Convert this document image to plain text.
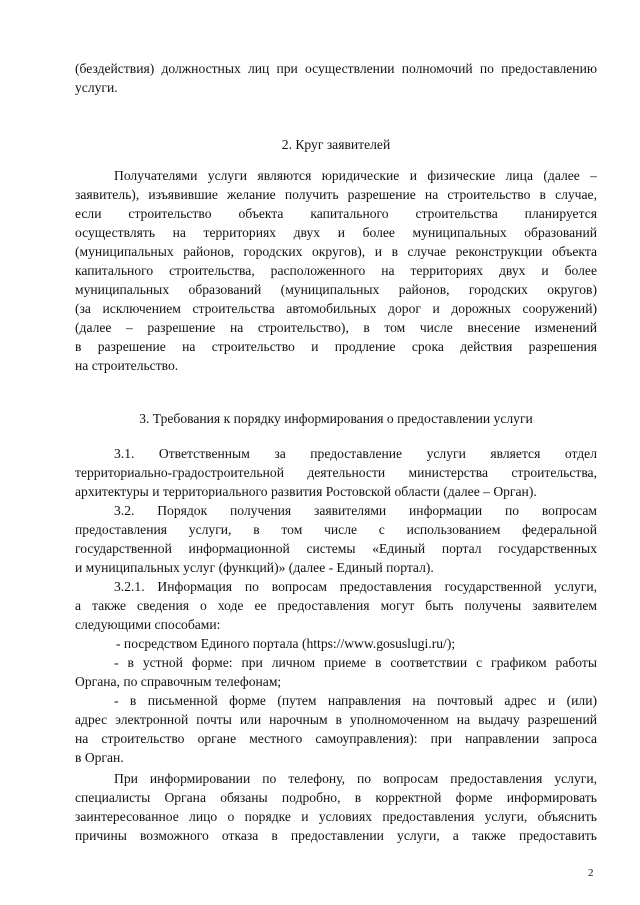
(бездействия) должностных лиц при осуществлении полномочий по предоставлению
услуги.
2. Круг заявителей
Получателями услуги являются юридические и физические лица (далее –
заявитель), изъявившие желание получить разрешение на строительство в случае,
если строительство объекта капитального строительства планируется
осуществлять на территориях двух и более муниципальных образований
(муниципальных районов, городских округов), и в случае реконструкции объекта
капитального строительства, расположенного на территориях двух и более
муниципальных образований (муниципальных районов, городских округов)
(за исключением строительства автомобильных дорог и дорожных сооружений)
(далее – разрешение на строительство), в том числе внесение изменений
в разрешение на строительство и продление срока действия разрешения
на строительство.
3. Требования к порядку информирования о предоставлении услуги
3.1. Ответственным за предоставление услуги является отдел
территориально-градостроительной деятельности министерства строительства,
архитектуры и территориального развития Ростовской области (далее – Орган).
3.2. Порядок получения заявителями информации по вопросам
предоставления услуги, в том числе с использованием федеральной
государственной информационной системы «Единый портал государственных
и муниципальных услуг (функций)» (далее - Единый портал).
3.2.1. Информация по вопросам предоставления государственной услуги,
а также сведения о ходе ее предоставления могут быть получены заявителем
следующими способами:
- посредством Единого портала (https://www.gosuslugi.ru/);
- в устной форме: при личном приеме в соответствии с графиком работы
Органа, по справочным телефонам;
- в письменной форме (путем направления на почтовый адрес и (или)
адрес электронной почты или нарочным в уполномоченном на выдачу разрешений
на строительство органе местного самоуправления): при направлении запроса
в Орган.
При информировании по телефону, по вопросам предоставления услуги,
специалисты Органа обязаны подробно, в корректной форме информировать
заинтересованное лицо о порядке и условиях предоставления услуги, объяснить
причины возможного отказа в предоставлении услуги, а также предоставить
2
